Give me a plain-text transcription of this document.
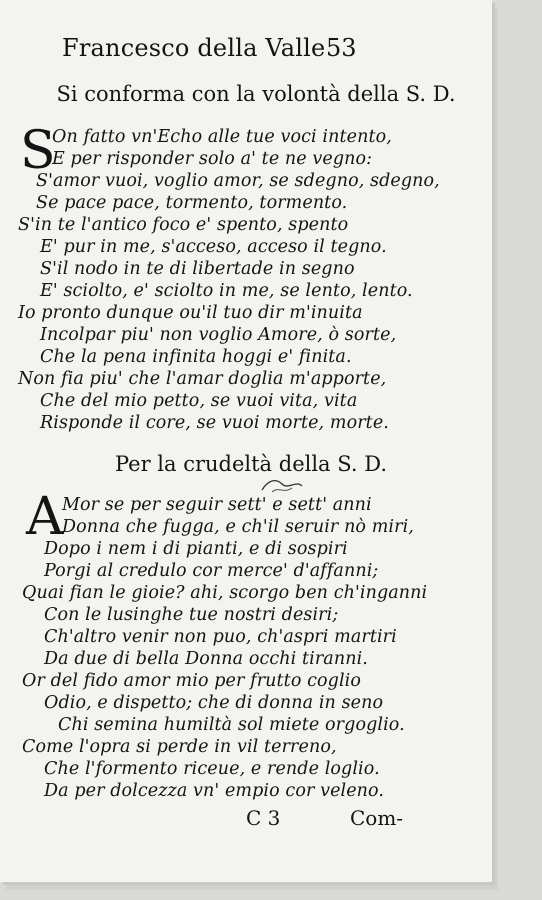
Francesco della Valle 53
Si conforma con la volontà della S. D.
S
On fatto vn'Echo alle tue voci intento,
E per risponder solo a' te ne vegno:
S'amor vuoi, voglio amor, se sdegno, sdegno,
Se pace pace, tormento, tormento.
S'in te l'antico foco e' spento, spento
E' pur in me, s'acceso, acceso il tegno.
S'il nodo in te di libertade in segno
E' sciolto, e' sciolto in me, se lento, lento.
Io pronto dunque ou'il tuo dir m'inuita
Incolpar piu' non voglio Amore, ò sorte,
Che la pena infinita hoggi e' finita.
Non fia piu' che l'amar doglia m'apporte,
Che del mio petto, se vuoi vita, vita
Risponde il core, se vuoi morte, morte.
Per la crudeltà della S. D.
A
Mor se per seguir sett' e sett' anni
Donna che fugga, e ch'il seruir nò miri,
Dopo i nem i di pianti, e di sospiri
Porgi al credulo cor merce' d'affanni;
Quai fian le gioie? ahi, scorgo ben ch'inganni
Con le lusinghe tue nostri desiri;
Ch'altro venir non puo, ch'aspri martiri
Da due di bella Donna occhi tiranni.
Or del fido amor mio per frutto coglio
Odio, e dispetto; che di donna in seno
Chi semina humiltà sol miete orgoglio.
Come l'opra si perde in vil terreno,
Che l'formento riceue, e rende loglio.
Da per dolcezza vn' empio cor veleno.
C 3	Com-
